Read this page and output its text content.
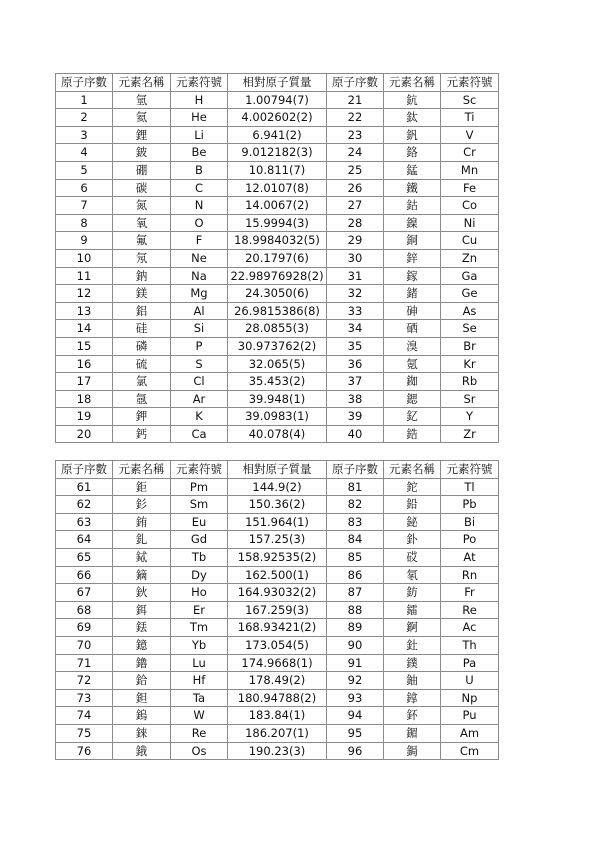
原子序數	元素名稱	元素符號	相對原子質量	原子序數	元素名稱	元素符號
1	氫	H	1.00794(7)	21	鈧	Sc
2	氦	He	4.002602(2)	22	鈦	Ti
3	鋰	Li	6.941(2)	23	釩	V
4	鈹	Be	9.012182(3)	24	鉻	Cr
5	硼	B	10.811(7)	25	錳	Mn
6	碳	C	12.0107(8)	26	鐵	Fe
7	氮	N	14.0067(2)	27	鈷	Co
8	氧	O	15.9994(3)	28	鎳	Ni
9	氟	F	18.9984032(5)	29	銅	Cu
10	氖	Ne	20.1797(6)	30	鋅	Zn
11	鈉	Na	22.98976928(2)	31	鎵	Ga
12	鎂	Mg	24.3050(6)	32	鍺	Ge
13	鋁	Al	26.9815386(8)	33	砷	As
14	硅	Si	28.0855(3)	34	硒	Se
15	磷	P	30.973762(2)	35	溴	Br
16	硫	S	32.065(5)	36	氪	Kr
17	氯	Cl	35.453(2)	37	銣	Rb
18	氬	Ar	39.948(1)	38	鍶	Sr
19	鉀	K	39.0983(1)	39	釔	Y
20	鈣	Ca	40.078(4)	40	鋯	Zr

原子序數	元素名稱	元素符號	相對原子質量	原子序數	元素名稱	元素符號
61	鉅	Pm	144.9(2)	81	鉈	Tl
62	釤	Sm	150.36(2)	82	鉛	Pb
63	銪	Eu	151.964(1)	83	鉍	Bi
64	釓	Gd	157.25(3)	84	釙	Po
65	鋱	Tb	158.92535(2)	85	砹	At
66	鏑	Dy	162.500(1)	86	氡	Rn
67	鈥	Ho	164.93032(2)	87	鈁	Fr
68	鉺	Er	167.259(3)	88	鐳	Re
69	銩	Tm	168.93421(2)	89	錒	Ac
70	鐿	Yb	173.054(5)	90	釷	Th
71	鑥	Lu	174.9668(1)	91	鏷	Pa
72	鉿	Hf	178.49(2)	92	鈾	U
73	鉭	Ta	180.94788(2)	93	鎿	Np
74	鎢	W	183.84(1)	94	鈈	Pu
75	錸	Re	186.207(1)	95	鎇	Am
76	鋨	Os	190.23(3)	96	鋦	Cm
